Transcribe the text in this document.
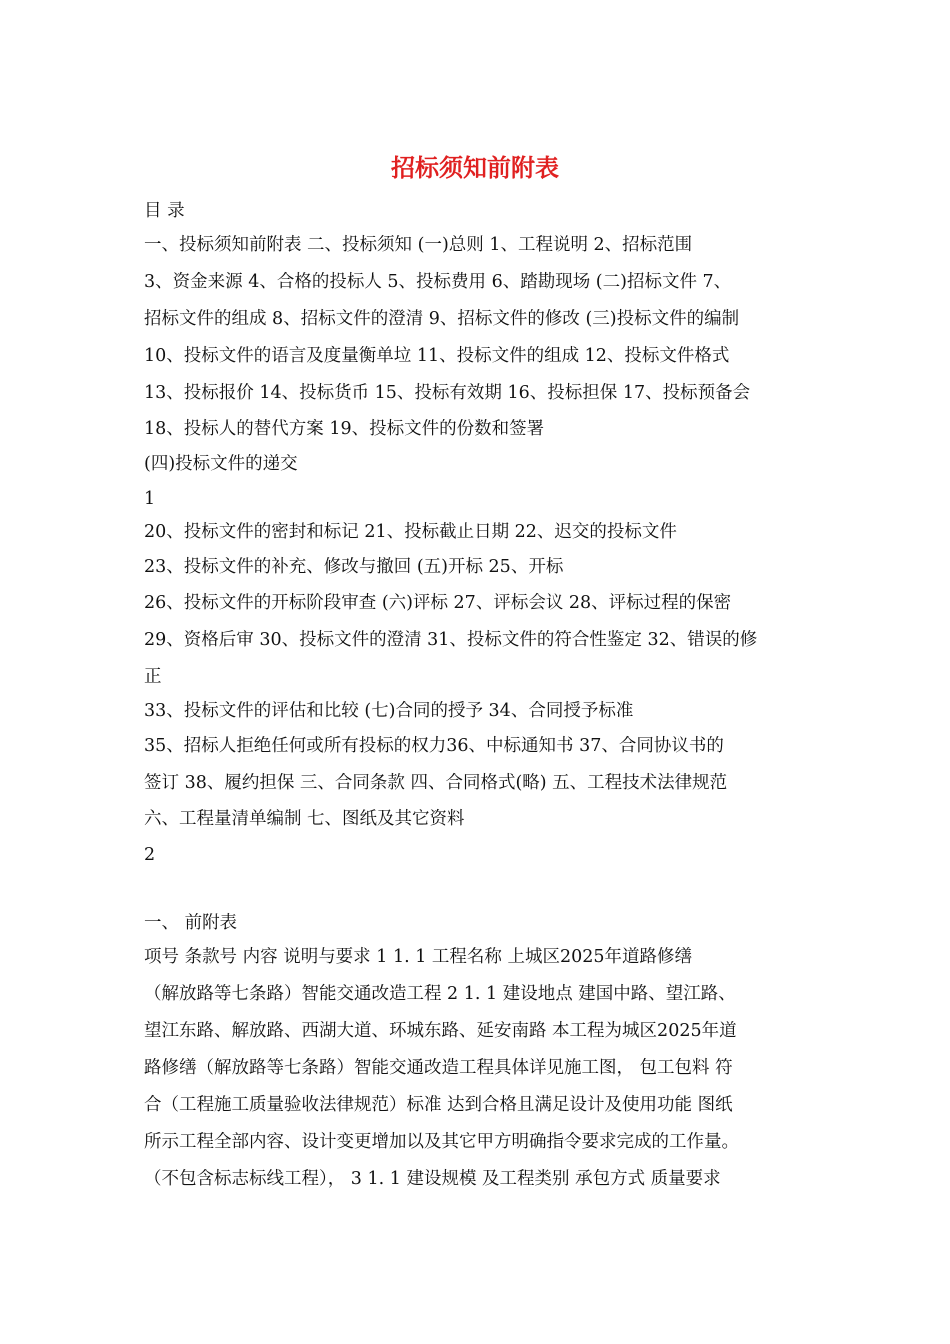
招标须知前附表
目 录
一、投标须知前附表 二、投标须知 (一)总则 1、工程说明 2、招标范围
3、资金来源 4、合格的投标人 5、投标费用 6、踏勘现场 (二)招标文件 7、
招标文件的组成 8、招标文件的澄清 9、招标文件的修改 (三)投标文件的编制
10、投标文件的语言及度量衡单垃 11、投标文件的组成 12、投标文件格式
13、投标报价 14、投标货币 15、投标有效期 16、投标担保 17、投标预备会
18、投标人的替代方案 19、投标文件的份数和签署
(四)投标文件的递交
1
20、投标文件的密封和标记 21、投标截止日期 22、迟交的投标文件
23、投标文件的补充、修改与撤回 (五)开标 25、开标
26、投标文件的开标阶段审查 (六)评标 27、评标会议 28、评标过程的保密
29、资格后审 30、投标文件的澄清 31、投标文件的符合性鉴定 32、错误的修
正
33、投标文件的评估和比较 (七)合同的授予 34、合同授予标准
35、招标人拒绝任何或所有投标的权力36、中标通知书 37、合同协议书的
签订 38、履约担保 三、合同条款 四、合同格式(略) 五、工程技术法律规范
六、工程量清单编制 七、图纸及其它资料
2
一、 前附表
项号 条款号 内容 说明与要求 1 1. 1 工程名称 上城区2025年道路修缮
（解放路等七条路）智能交通改造工程 2 1. 1 建设地点 建国中路、望江路、
望江东路、解放路、西湖大道、环城东路、延安南路 本工程为城区2025年道
路修缮（解放路等七条路）智能交通改造工程具体详见施工图， 包工包料 符
合（工程施工质量验收法律规范）标准 达到合格且满足设计及使用功能 图纸
所示工程全部内容、设计变更增加以及其它甲方明确指令要求完成的工作量。
（不包含标志标线工程）， 3 1. 1 建设规模 及工程类别 承包方式 质量要求
